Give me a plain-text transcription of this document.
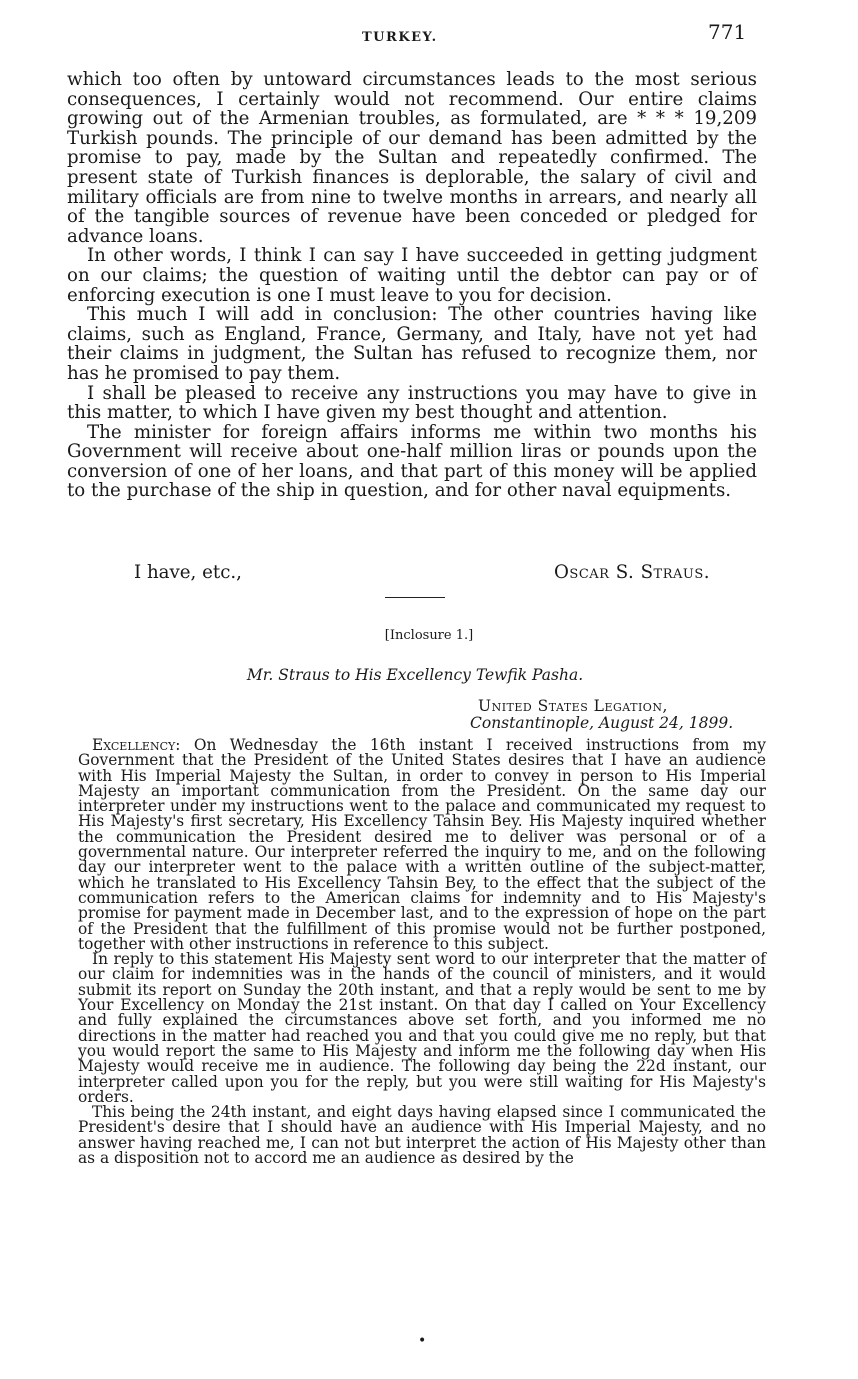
TURKEY.	771

which too often by untoward circumstances leads to the most serious consequences, I certainly would not recommend. Our entire claims growing out of the Armenian troubles, as formulated, are * * * 19,209 Turkish pounds. The principle of our demand has been admitted by the promise to pay, made by the Sultan and repeatedly confirmed. The present state of Turkish finances is deplorable, the salary of civil and military officials are from nine to twelve months in arrears, and nearly all of the tangible sources of revenue have been conceded or pledged for advance loans.

In other words, I think I can say I have succeeded in getting judgment on our claims; the question of waiting until the debtor can pay or of enforcing execution is one I must leave to you for decision.

This much I will add in conclusion: The other countries having like claims, such as England, France, Germany, and Italy, have not yet had their claims in judgment, the Sultan has refused to recognize them, nor has he promised to pay them.

I shall be pleased to receive any instructions you may have to give in this matter, to which I have given my best thought and attention.

The minister for foreign affairs informs me within two months his Government will receive about one-half million liras or pounds upon the conversion of one of her loans, and that part of this money will be applied to the purchase of the ship in question, and for other naval equipments.

I have, etc.,	Oscar S. Straus.
[Inclosure 1.]
Mr. Straus to His Excellency Tewfik Pasha.
United States Legation,
Constantinople, August 24, 1899.

Excellency: On Wednesday the 16th instant I received instructions from my Government that the President of the United States desires that I have an audience with His Imperial Majesty the Sultan, in order to convey in person to His Imperial Majesty an important communication from the President. On the same day our interpreter under my instructions went to the palace and communicated my request to His Majesty's first secretary, His Excellency Tahsin Bey. His Majesty inquired whether the communication the President desired me to deliver was personal or of a governmental nature. Our interpreter referred the inquiry to me, and on the following day our interpreter went to the palace with a written outline of the subject-matter, which he translated to His Excellency Tahsin Bey, to the effect that the subject of the communication refers to the American claims for indemnity and to His Majesty's promise for payment made in December last, and to the expression of hope on the part of the President that the fulfillment of this promise would not be further postponed, together with other instructions in reference to this subject.

In reply to this statement His Majesty sent word to our interpreter that the matter of our claim for indemnities was in the hands of the council of ministers, and it would submit its report on Sunday the 20th instant, and that a reply would be sent to me by Your Excellency on Monday the 21st instant. On that day I called on Your Excellency and fully explained the circumstances above set forth, and you informed me no directions in the matter had reached you and that you could give me no reply, but that you would report the same to His Majesty and inform me the following day when His Majesty would receive me in audience. The following day being the 22d instant, our interpreter called upon you for the reply, but you were still waiting for His Majesty's orders.

This being the 24th instant, and eight days having elapsed since I communicated the President's desire that I should have an audience with His Imperial Majesty, and no answer having reached me, I can not but interpret the action of His Majesty other than as a disposition not to accord me an audience as desired by the

•
